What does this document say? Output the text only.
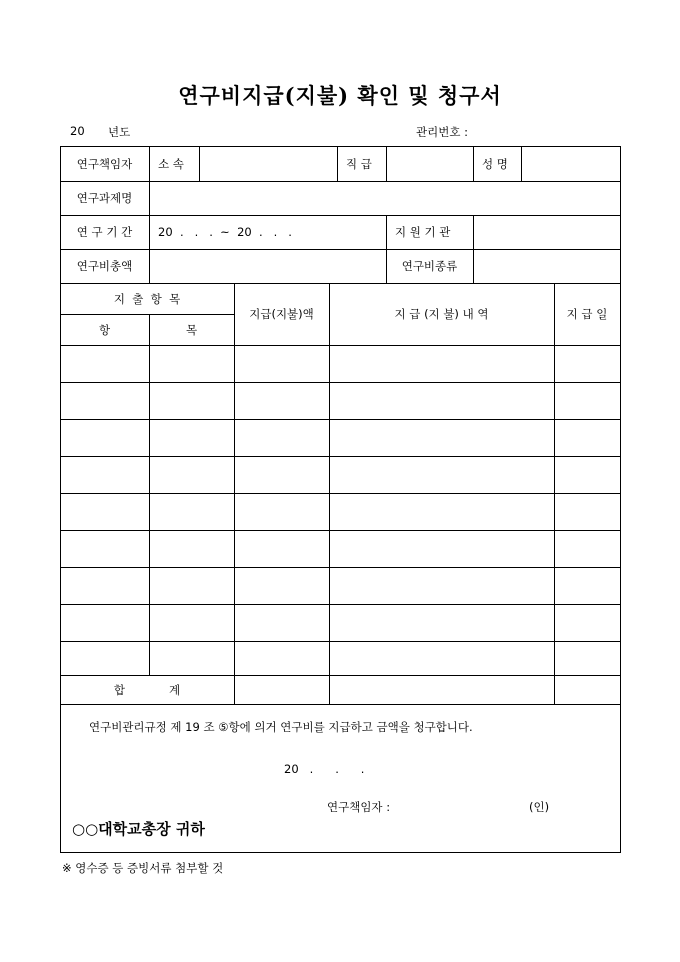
연구비지급(지불) 확인 및 청구서
20 년도	관리번호 :
연구책임자	소 속	직 급	성 명
연구과제명
연 구 기 간	20  .   .   .  ~  20  .   .   .	지 원 기 관
연구비총액	연구비종류
지  출  항  목
항	목
지급(지불)액	지 급 (지 불) 내 역	지 급 일
합	계
연구비관리규정 제 19 조 ⑤항에 의거 연구비를 지급하고 금액을 청구합니다.
20   .      .      .
연구책임자 :	(인)
○○대학교총장 귀하
※ 영수증 등 증빙서류 첨부할 것
